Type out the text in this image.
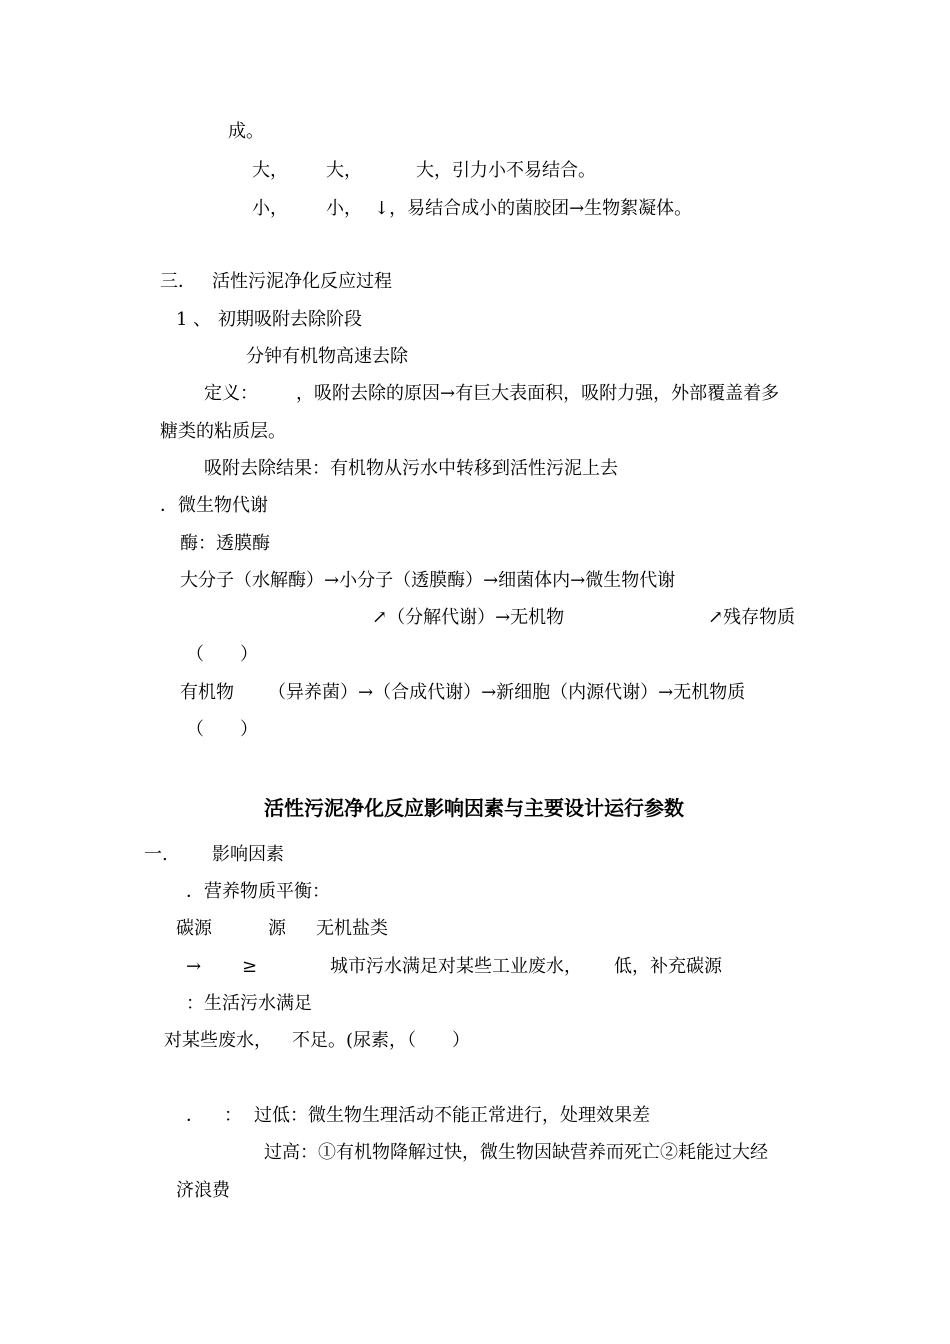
成。
大， 大，	大，引力小不易结合。
小， 小， ↓，易结合成小的菌胶团→生物絮凝体。
三． 活性污泥净化反应过程
1 、 初期吸附去除阶段
分钟有机物高速去除
定义： ，吸附去除的原因→有巨大表面积，吸附力强，外部覆盖着多
糖类的粘质层。
吸附去除结果：有机物从污水中转移到活性污泥上去
．微生物代谢
酶：透膜酶
大分子（水解酶）→小分子（透膜酶）→细菌体内→微生物代谢
↗（分解代谢）→无机物	↗残存物质
（　　）
有机物 （异养菌）→（合成代谢）→新细胞（内源代谢）→无机物质
（　　）
活性污泥净化反应影响因素与主要设计运行参数
一. 影响因素
．营养物质平衡：
碳源	源 无机盐类
→ ≥	城市污水满足对某些工业废水， 低，补充碳源
：生活污水满足
对某些废水， 不足。(尿素，（　　）
． ： 过低：微生物生理活动不能正常进行，处理效果差
过高：①有机物降解过快，微生物因缺营养而死亡②耗能过大经
济浪费
